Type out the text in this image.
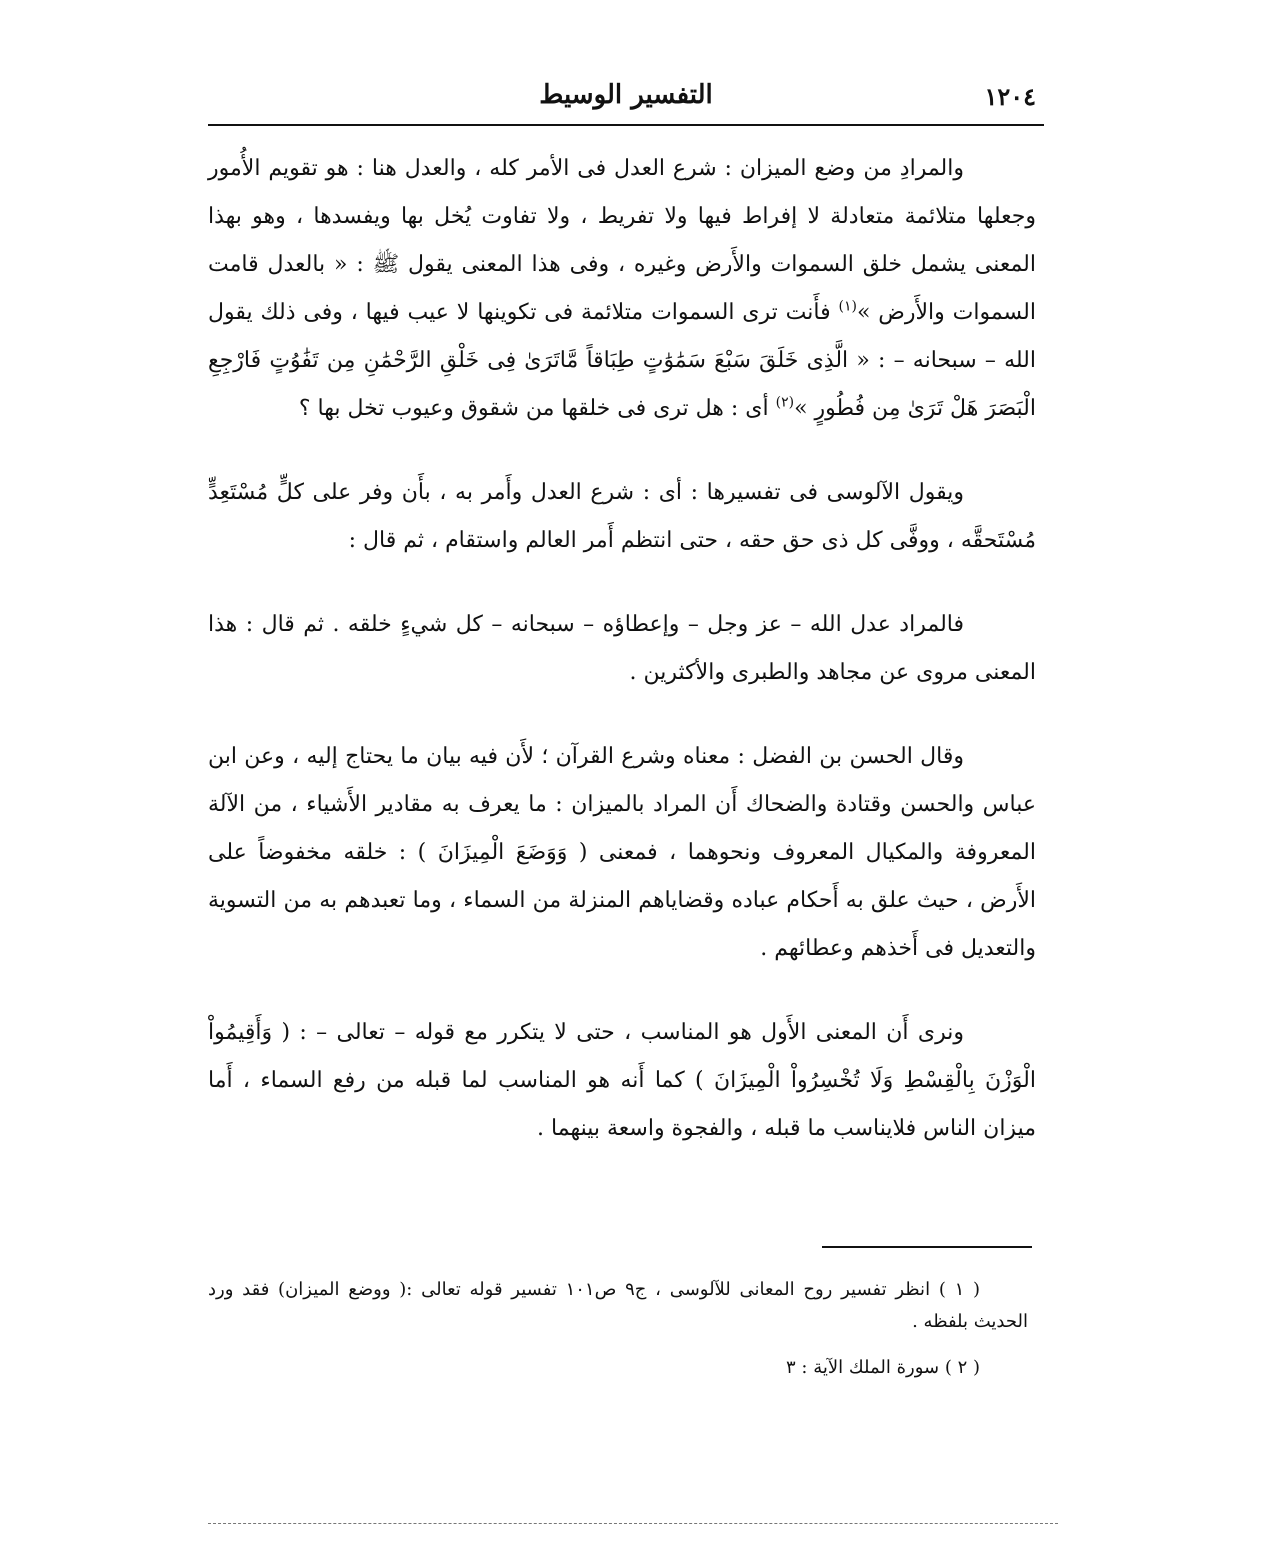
١٢٠٤
التفسير الوسيط

والمرادِ من وضع الميزان : شرع العدل فى الأمر كله ، والعدل هنا : هو تقويم الأُمور وجعلها متلائمة متعادلة لا إفراط فيها ولا تفريط ، ولا تفاوت يُخل بها ويفسدها ، وهو بهذا المعنى يشمل خلق السموات والأَرض وغيره ، وفى هذا المعنى يقول ﷺ : « بالعدل قامت السموات والأَرض »$^{(١)}$ فأَنت ترى السموات متلائمة فى تكوينها لا عيب فيها ، وفى ذلك يقول الله – سبحانه – : « الَّذِى خَلَقَ سَبْعَ سَمَٰوَٰتٍ طِبَاقاً مَّاتَرَىٰ فِى خَلْقِ الرَّحْمَٰنِ مِن تَفَٰوُتٍ فَارْجِعِ الْبَصَرَ هَلْ تَرَىٰ مِن فُطُورٍ »$^{(٢)}$ أى : هل ترى فى خلقها من شقوق وعيوب تخل بها ؟

ويقول الآلوسى فى تفسيرها : أى : شرع العدل وأَمر به ، بأَن وفر على كلٍّ مُسْتَعِدٍّ مُسْتَحقَّه ، ووفَّى كل ذى حق حقه ، حتى انتظم أَمر العالم واستقام ، ثم قال :

فالمراد عدل الله – عز وجل – وإعطاؤه – سبحانه – كل شيءٍ خلقه . ثم قال : هذا المعنى مروى عن مجاهد والطبرى والأكثرين .

وقال الحسن بن الفضل : معناه وشرع القرآن ؛ لأَن فيه بيان ما يحتاج إليه ، وعن ابن عباس والحسن وقتادة والضحاك أَن المراد بالميزان : ما يعرف به مقادير الأَشياء ، من الآلة المعروفة والمكيال المعروف ونحوهما ، فمعنى ( وَوَضَعَ الْمِيزَانَ ) : خلقه مخفوضاً على الأَرض ، حيث علق به أَحكام عباده وقضاياهم المنزلة من السماء ، وما تعبدهم به من التسوية والتعديل فى أَخذهم وعطائهم .

ونرى أَن المعنى الأَول هو المناسب ، حتى لا يتكرر مع قوله – تعالى – : ( وَأَقِيمُواْ الْوَزْنَ بِالْقِسْطِ وَلَا تُخْسِرُواْ الْمِيزَانَ ) كما أَنه هو المناسب لما قبله من رفع السماء ، أَما ميزان الناس فلايناسب ما قبله ، والفجوة واسعة بينهما .

( ١ ) انظر تفسير روح المعانى للآلوسى ، ج٩ ص١٠١ تفسير قوله تعالى :( ووضع الميزان) فقد ورد الحديث بلفظه .

( ٢ ) سورة الملك الآية : ٣
